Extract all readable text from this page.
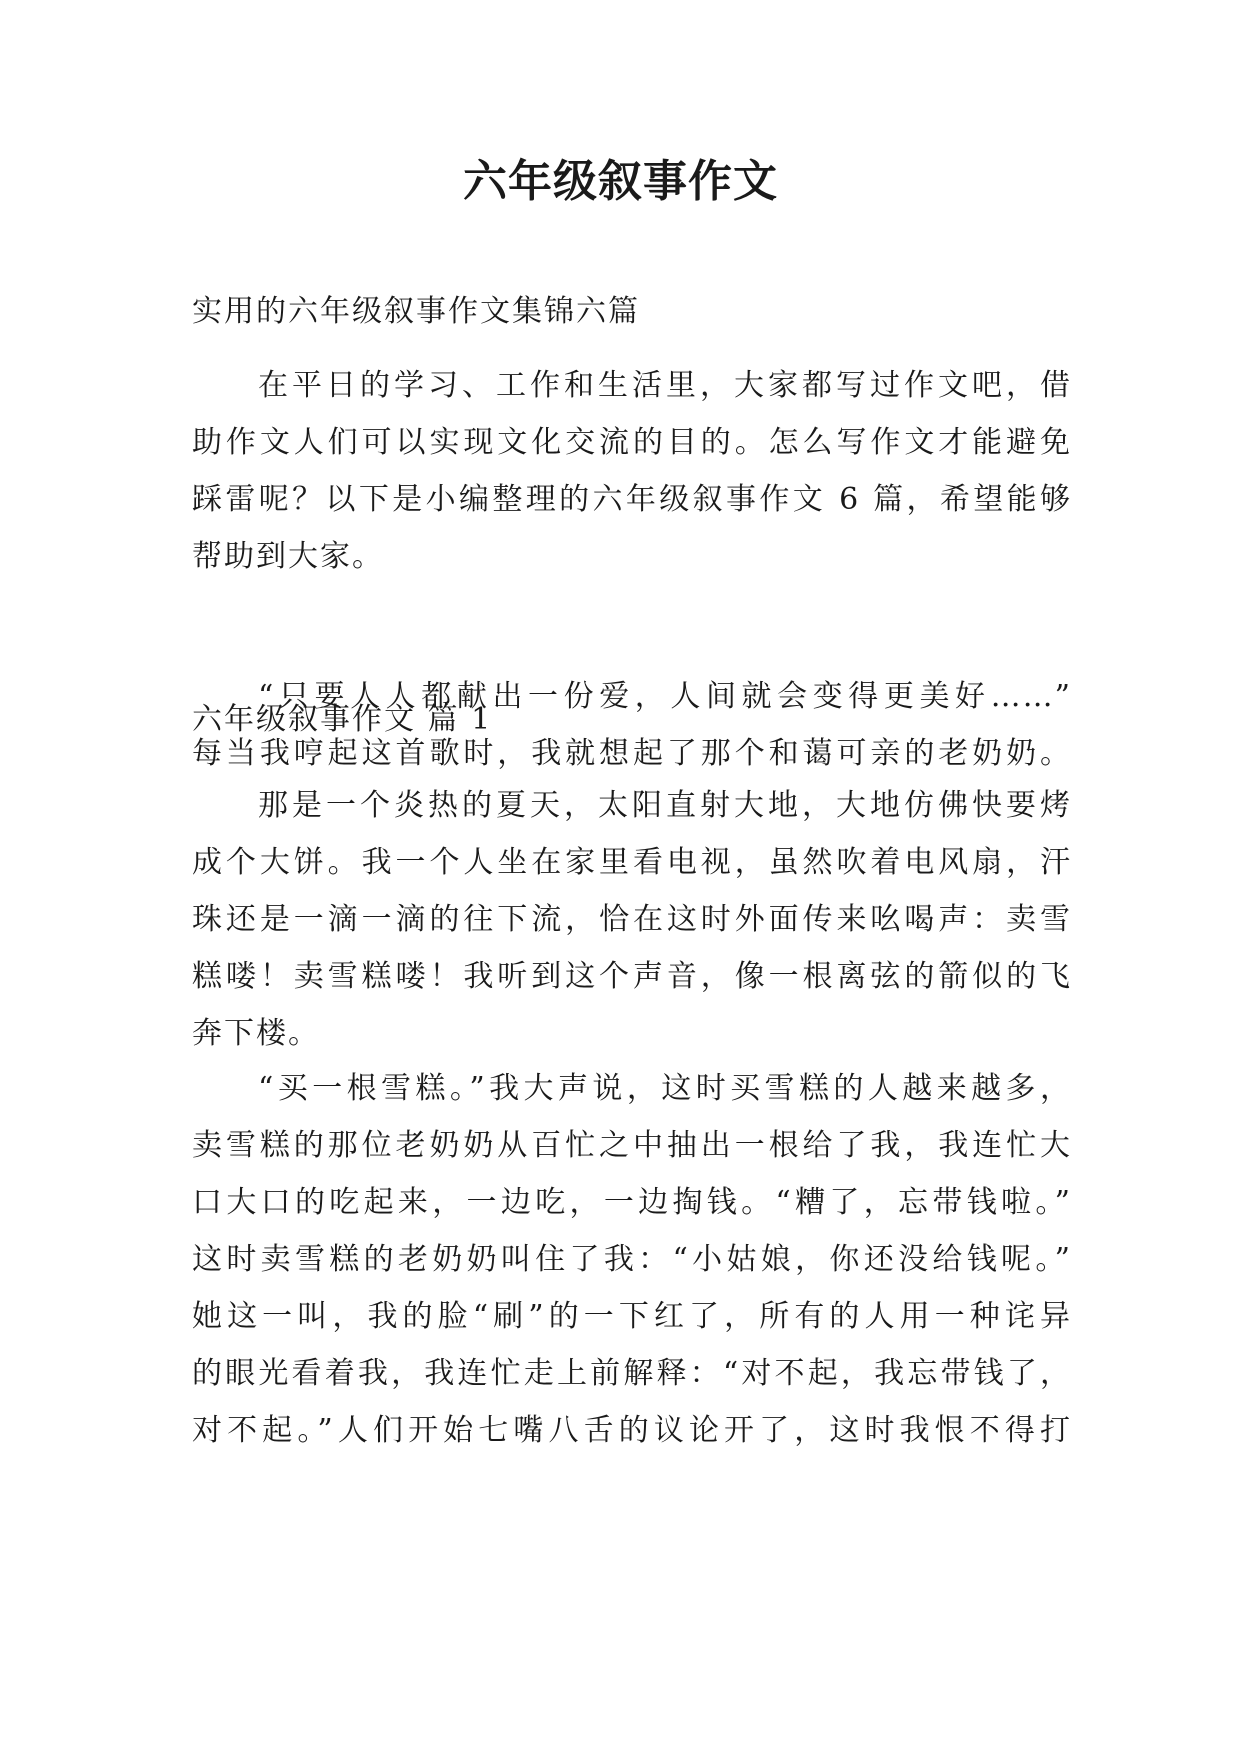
六年级叙事作文
实用的六年级叙事作文集锦六篇
在平日的学习、工作和生活里，大家都写过作文吧，借
助作文人们可以实现文化交流的目的。怎么写作文才能避免
踩雷呢？以下是小编整理的六年级叙事作文 6 篇，希望能够
帮助到大家。
六年级叙事作文 篇 1
“只要人人都献出一份爱，人间就会变得更美好……”
每当我哼起这首歌时，我就想起了那个和蔼可亲的老奶奶。
那是一个炎热的夏天，太阳直射大地，大地仿佛快要烤
成个大饼。我一个人坐在家里看电视，虽然吹着电风扇，汗
珠还是一滴一滴的往下流，恰在这时外面传来吆喝声：卖雪
糕喽！卖雪糕喽！我听到这个声音，像一根离弦的箭似的飞
奔下楼。
“买一根雪糕。”我大声说，这时买雪糕的人越来越多，
卖雪糕的那位老奶奶从百忙之中抽出一根给了我，我连忙大
口大口的吃起来，一边吃，一边掏钱。“糟了，忘带钱啦。”
这时卖雪糕的老奶奶叫住了我：“小姑娘，你还没给钱呢。”
她这一叫，我的脸“刷”的一下红了，所有的人用一种诧异
的眼光看着我，我连忙走上前解释：“对不起，我忘带钱了，
对不起。”人们开始七嘴八舌的议论开了，这时我恨不得打
